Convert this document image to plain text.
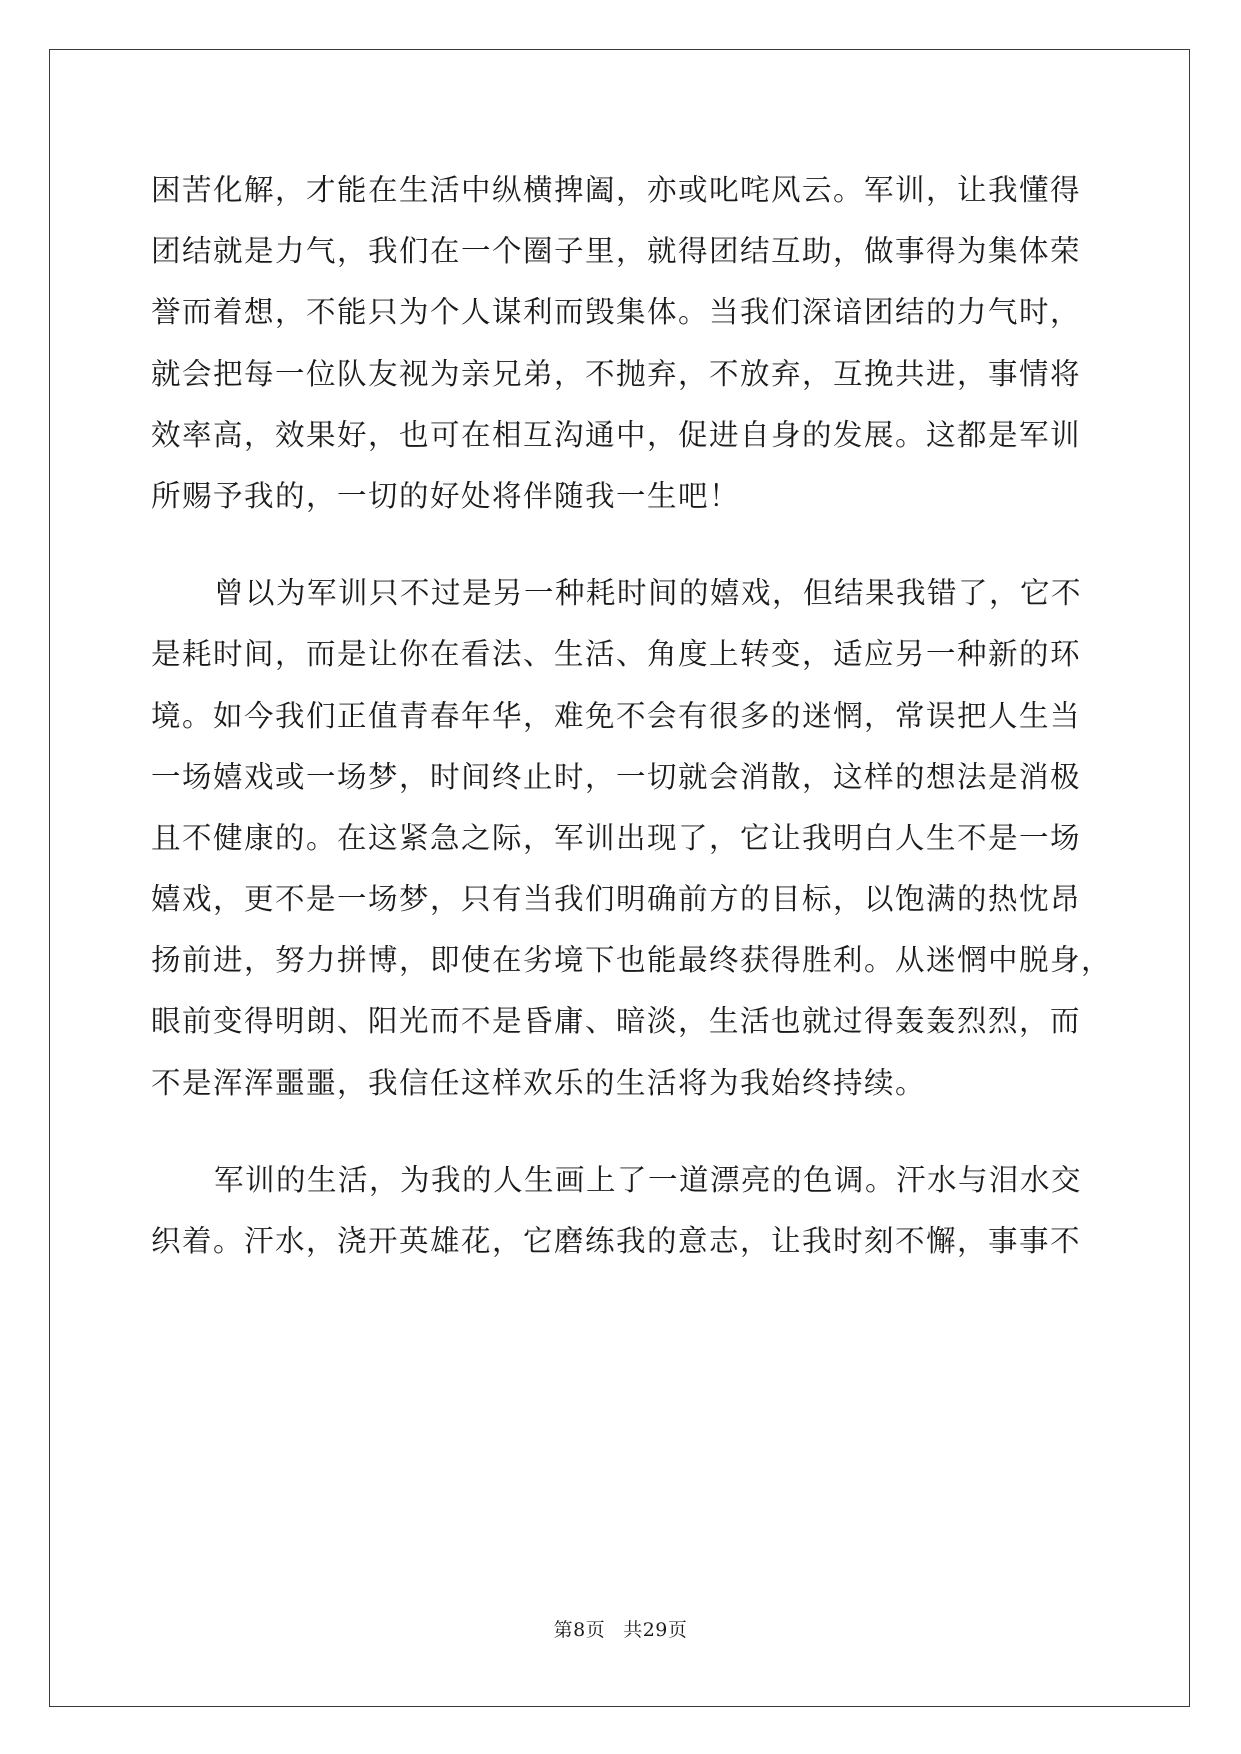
困苦化解，才能在生活中纵横捭阖，亦或叱咤风云。军训，让我懂得
团结就是力气，我们在一个圈子里，就得团结互助，做事得为集体荣
誉而着想，不能只为个人谋利而毁集体。当我们深谙团结的力气时，
就会把每一位队友视为亲兄弟，不抛弃，不放弃，互挽共进，事情将
效率高，效果好，也可在相互沟通中，促进自身的发展。这都是军训
所赐予我的，一切的好处将伴随我一生吧！
曾以为军训只不过是另一种耗时间的嬉戏，但结果我错了，它不
是耗时间，而是让你在看法、生活、角度上转变，适应另一种新的环
境。如今我们正值青春年华，难免不会有很多的迷惘，常误把人生当
一场嬉戏或一场梦，时间终止时，一切就会消散，这样的想法是消极
且不健康的。在这紧急之际，军训出现了，它让我明白人生不是一场
嬉戏，更不是一场梦，只有当我们明确前方的目标，以饱满的热忱昂
扬前进，努力拼博，即使在劣境下也能最终获得胜利。从迷惘中脱身，
眼前变得明朗、阳光而不是昏庸、暗淡，生活也就过得轰轰烈烈，而
不是浑浑噩噩，我信任这样欢乐的生活将为我始终持续。
军训的生活，为我的人生画上了一道漂亮的色调。汗水与泪水交
织着。汗水，浇开英雄花，它磨练我的意志，让我时刻不懈，事事不
第8页 共29页
